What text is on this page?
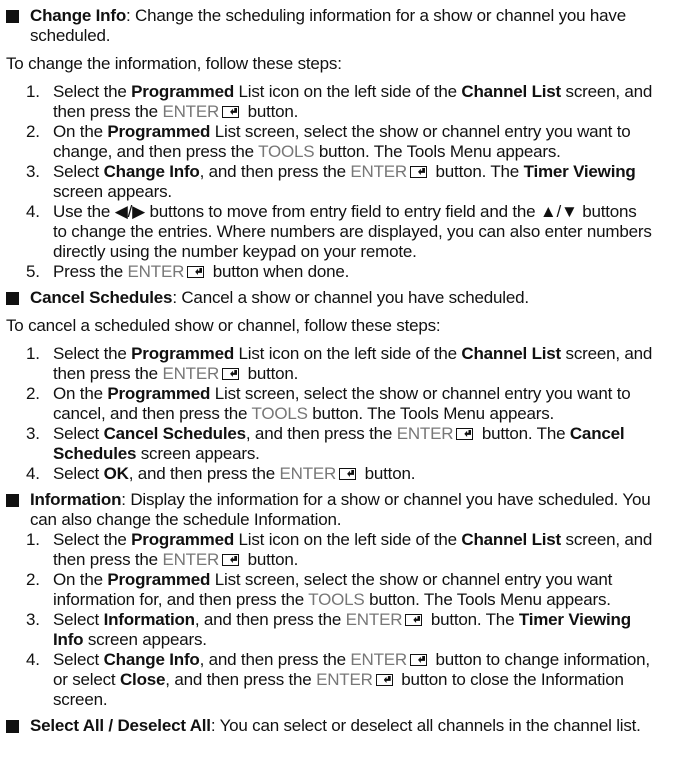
Change Info: Change the scheduling information for a show or channel you have scheduled.
To change the information, follow these steps:
1. Select the Programmed List icon on the left side of the Channel List screen, and then press the ENTER button.
2. On the Programmed List screen, select the show or channel entry you want to change, and then press the TOOLS button. The Tools Menu appears.
3. Select Change Info, and then press the ENTER button. The Timer Viewing screen appears.
4. Use the ◀/▶ buttons to move from entry field to entry field and the ▲/▼ buttons to change the entries. Where numbers are displayed, you can also enter numbers directly using the number keypad on your remote.
5. Press the ENTER button when done.
Cancel Schedules: Cancel a show or channel you have scheduled.
To cancel a scheduled show or channel, follow these steps:
1. Select the Programmed List icon on the left side of the Channel List screen, and then press the ENTER button.
2. On the Programmed List screen, select the show or channel entry you want to cancel, and then press the TOOLS button. The Tools Menu appears.
3. Select Cancel Schedules, and then press the ENTER button. The Cancel Schedules screen appears.
4. Select OK, and then press the ENTER button.
Information: Display the information for a show or channel you have scheduled. You can also change the schedule Information.
1. Select the Programmed List icon on the left side of the Channel List screen, and then press the ENTER button.
2. On the Programmed List screen, select the show or channel entry you want information for, and then press the TOOLS button. The Tools Menu appears.
3. Select Information, and then press the ENTER button. The Timer Viewing Info screen appears.
4. Select Change Info, and then press the ENTER button to change information, or select Close, and then press the ENTER button to close the Information screen.
Select All / Deselect All: You can select or deselect all channels in the channel list.
